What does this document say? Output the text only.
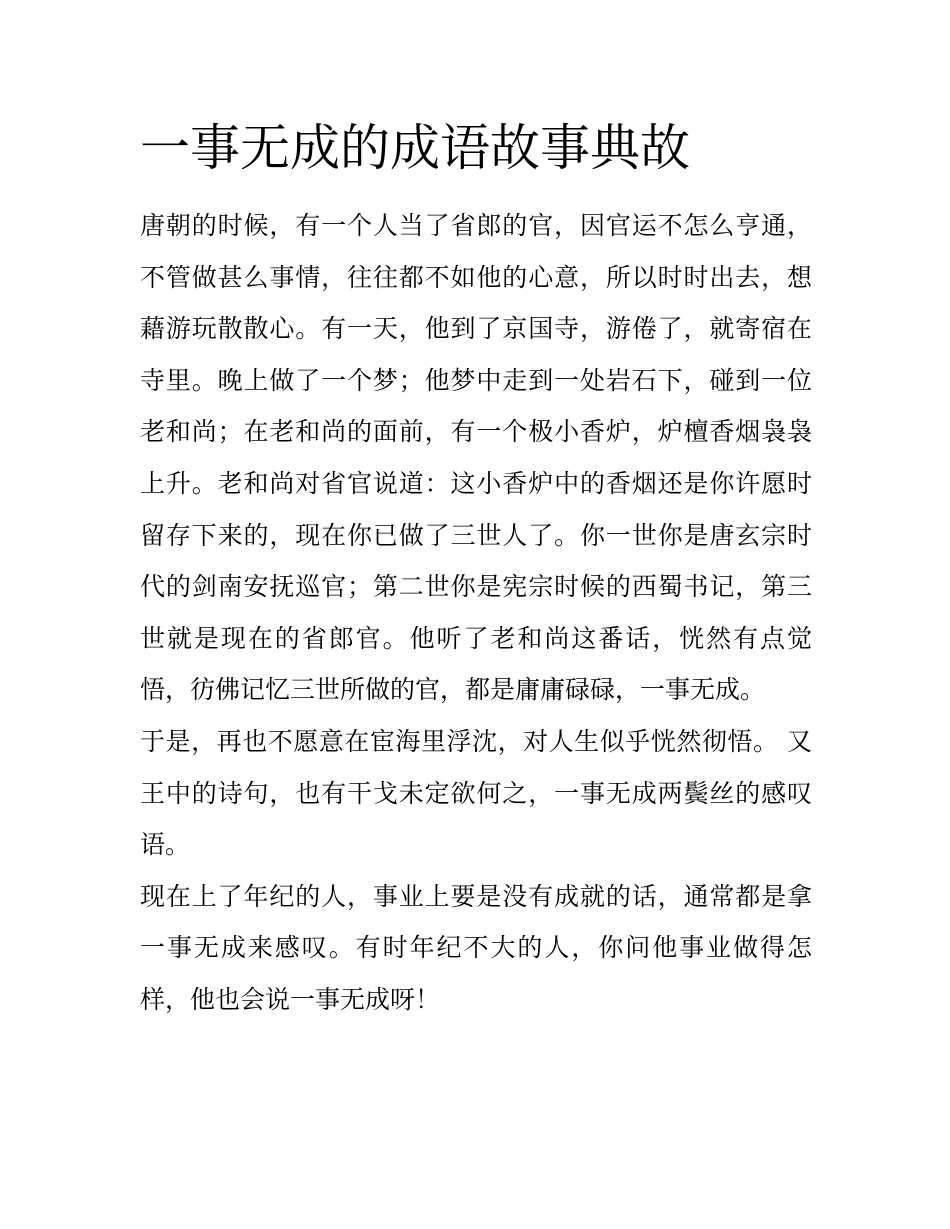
一事无成的成语故事典故

唐朝的时候，有一个人当了省郎的官，因官运不怎么亨通，不管做甚么事情，往往都不如他的心意，所以时时出去，想藉游玩散散心。有一天，他到了京国寺，游倦了，就寄宿在寺里。晚上做了一个梦；他梦中走到一处岩石下，碰到一位老和尚；在老和尚的面前，有一个极小香炉，炉檀香烟袅袅上升。老和尚对省官说道：这小香炉中的香烟还是你许愿时留存下来的，现在你已做了三世人了。你一世你是唐玄宗时代的剑南安抚巡官；第二世你是宪宗时候的西蜀书记，第三世就是现在的省郎官。他听了老和尚这番话，恍然有点觉悟，彷佛记忆三世所做的官，都是庸庸碌碌，一事无成。

于是，再也不愿意在宦海里浮沈，对人生似乎恍然彻悟。 又王中的诗句，也有干戈未定欲何之，一事无成两鬓丝的感叹语。

现在上了年纪的人，事业上要是没有成就的话，通常都是拿一事无成来感叹。有时年纪不大的人，你问他事业做得怎样，他也会说一事无成呀！
